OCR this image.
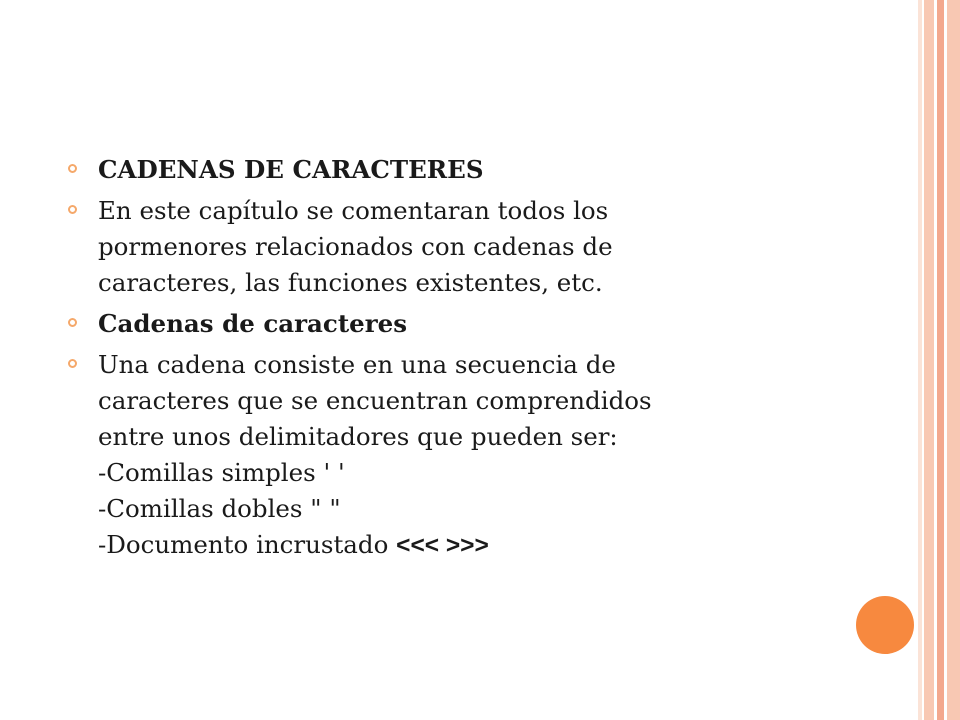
CADENAS DE CARACTERES

En este capítulo se comentaran todos los
pormenores relacionados con cadenas de
caracteres, las funciones existentes, etc.

Cadenas de caracteres

Una cadena consiste en una secuencia de
caracteres que se encuentran comprendidos
entre unos delimitadores que pueden ser:
-Comillas simples ' '
-Comillas dobles " "
-Documento incrustado <<< >>>
